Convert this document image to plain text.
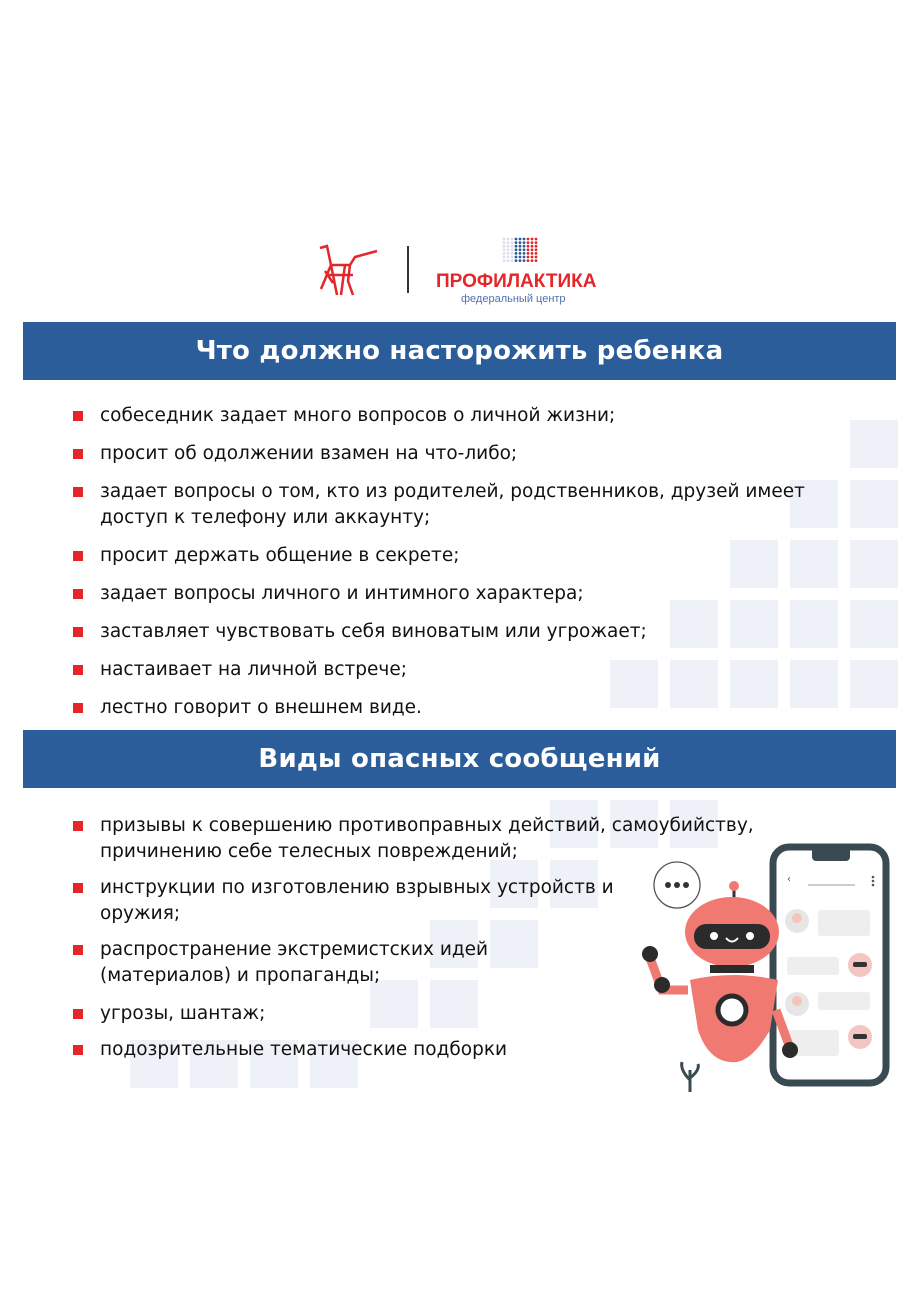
ПРОФИЛАКТИКА
федеральный центр
Что должно насторожить ребенка
собеседник задает много вопросов о личной жизни;
просит об одолжении взамен на что-либо;
задает вопросы о том, кто из родителей, родственников, друзей имеет доступ к телефону или аккаунту;
просит держать общение в секрете;
задает вопросы личного и интимного характера;
заставляет чувствовать себя виноватым или угрожает;
настаивает на личной встрече;
лестно говорит о внешнем виде.
Виды опасных сообщений
призывы к совершению противоправных действий, самоубийству, причинению себе телесных повреждений;
инструкции по изготовлению взрывных устройств и оружия;
распространение экстремистских идей (материалов) и пропаганды;
угрозы, шантаж;
подозрительные тематические подборки
‹
